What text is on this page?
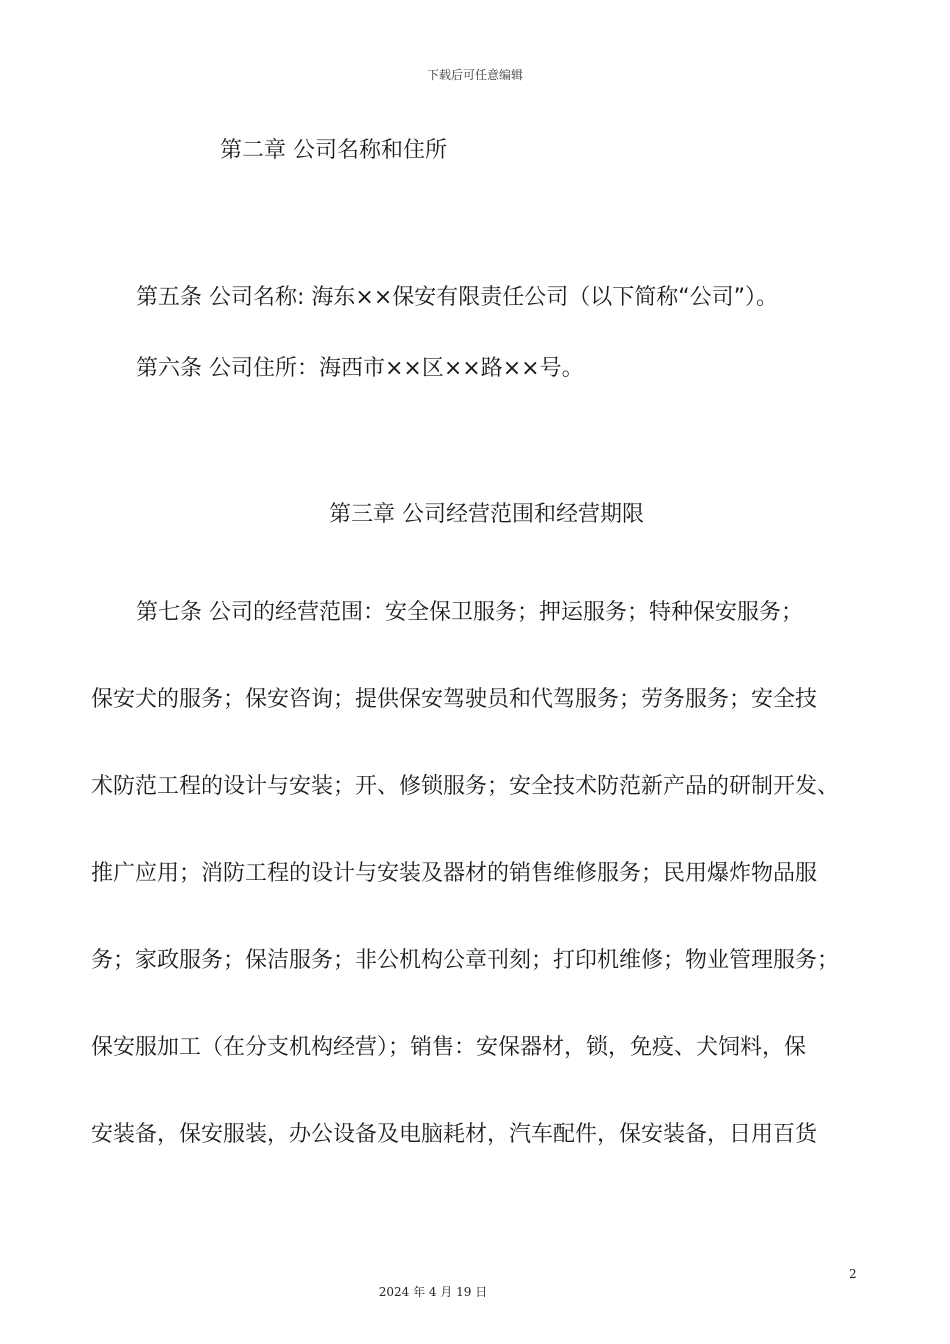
下载后可任意编辑
第二章 公司名称和住所
第五条 公司名称: 海东××保安有限责任公司（以下简称“公司”）。
第六条 公司住所：海西市××区××路××号。
第三章 公司经营范围和经营期限
第七条 公司的经营范围：安全保卫服务；押运服务；特种保安服务；
保安犬的服务；保安咨询；提供保安驾驶员和代驾服务；劳务服务；安全技
术防范工程的设计与安装；开、修锁服务；安全技术防范新产品的研制开发、
推广应用；消防工程的设计与安装及器材的销售维修服务；民用爆炸物品服
务；家政服务；保洁服务；非公机构公章刊刻；打印机维修；物业管理服务；
保安服加工（在分支机构经营）；销售：安保器材，锁，免疫、犬饲料，保
安装备，保安服装，办公设备及电脑耗材，汽车配件，保安装备，日用百货
2
2024 年 4 月 19 日
